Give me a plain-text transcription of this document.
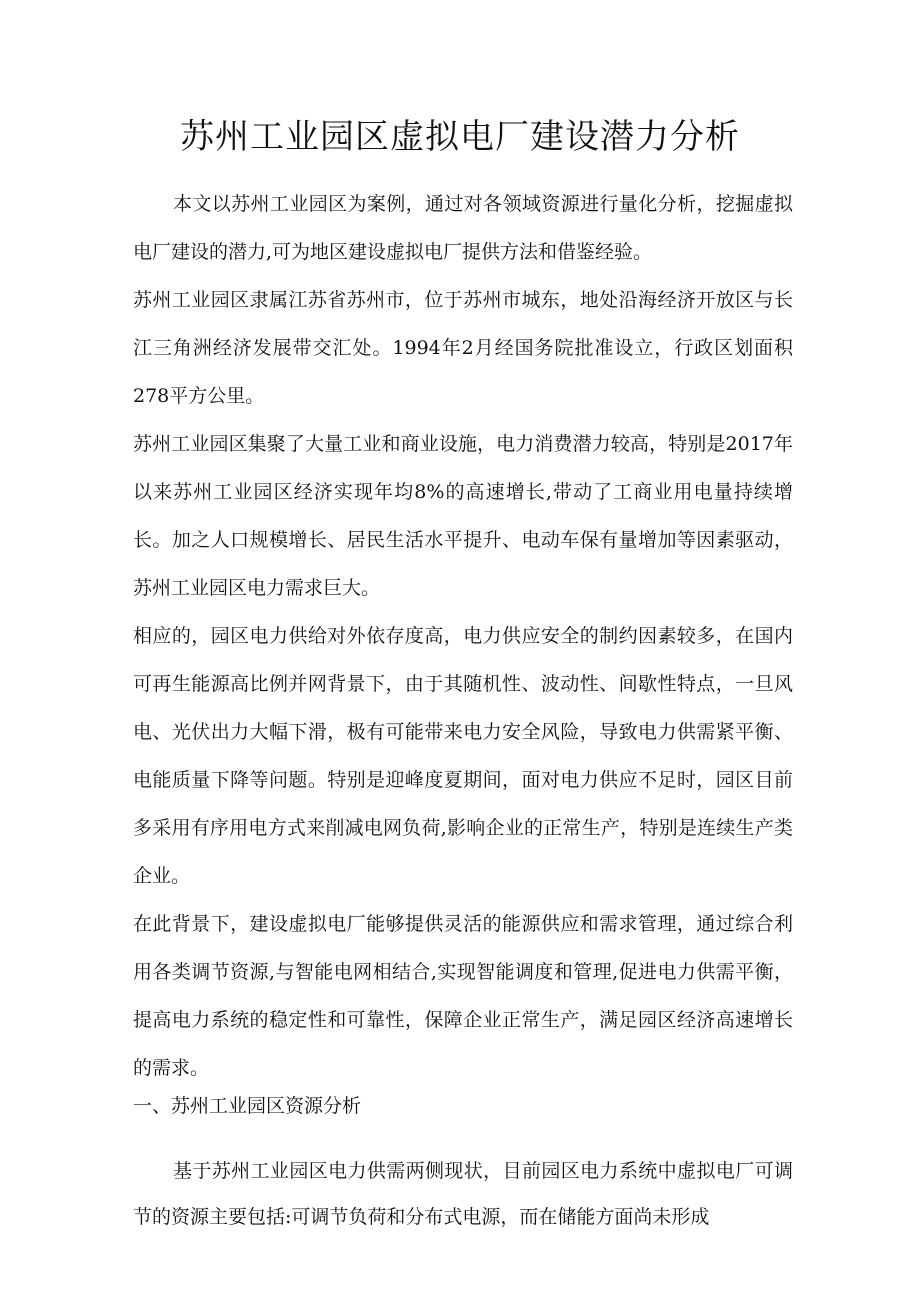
苏州工业园区虚拟电厂建设潜力分析

本文以苏州工业园区为案例，通过对各领域资源进行量化分析，挖掘虚拟电厂建设的潜力,可为地区建设虚拟电厂提供方法和借鉴经验。

苏州工业园区隶属江苏省苏州市，位于苏州市城东，地处沿海经济开放区与长江三角洲经济发展带交汇处。1994年2月经国务院批准设立，行政区划面积278平方公里。

苏州工业园区集聚了大量工业和商业设施，电力消费潜力较高，特别是2017年以来苏州工业园区经济实现年均8%的高速增长,带动了工商业用电量持续增长。加之人口规模增长、居民生活水平提升、电动车保有量增加等因素驱动，苏州工业园区电力需求巨大。

相应的，园区电力供给对外依存度高，电力供应安全的制约因素较多，在国内可再生能源高比例并网背景下，由于其随机性、波动性、间歇性特点，一旦风电、光伏出力大幅下滑，极有可能带来电力安全风险，导致电力供需紧平衡、电能质量下降等问题。特别是迎峰度夏期间，面对电力供应不足时，园区目前多采用有序用电方式来削减电网负荷,影响企业的正常生产，特别是连续生产类企业。

在此背景下，建设虚拟电厂能够提供灵活的能源供应和需求管理，通过综合利用各类调节资源,与智能电网相结合,实现智能调度和管理,促进电力供需平衡，提高电力系统的稳定性和可靠性，保障企业正常生产，满足园区经济高速增长的需求。

一、苏州工业园区资源分析

基于苏州工业园区电力供需两侧现状，目前园区电力系统中虚拟电厂可调节的资源主要包括:可调节负荷和分布式电源，而在储能方面尚未形成
